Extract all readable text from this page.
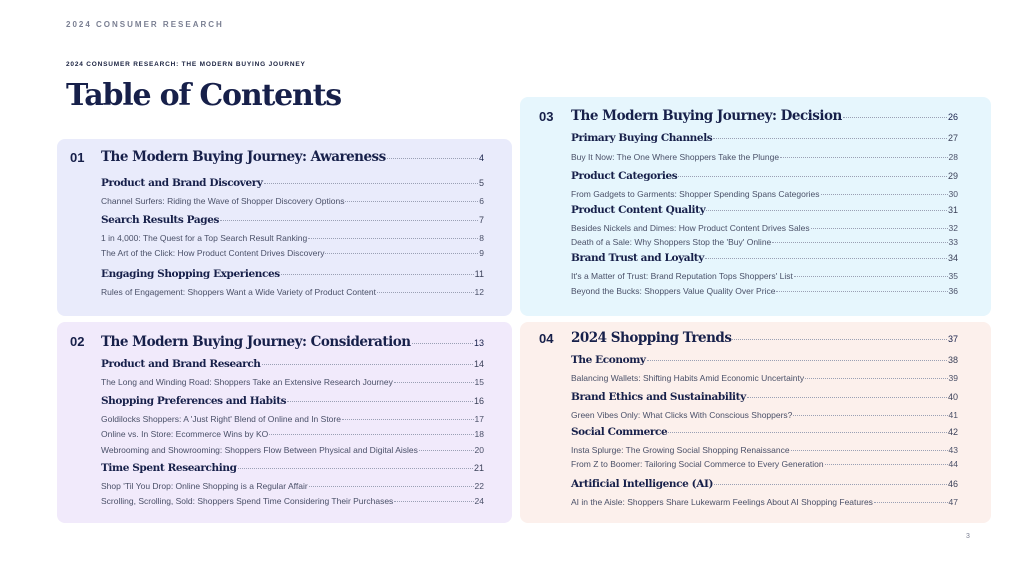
2024 CONSUMER RESEARCH
2024 CONSUMER RESEARCH: THE MODERN BUYING JOURNEY
Table of Contents
01 The Modern Buying Journey: Awareness	4
Product and Brand Discovery	5
Channel Surfers: Riding the Wave of Shopper Discovery Options	6
Search Results Pages	7
1 in 4,000: The Quest for a Top Search Result Ranking	8
The Art of the Click: How Product Content Drives Discovery	9
Engaging Shopping Experiences	11
Rules of Engagement: Shoppers Want a Wide Variety of Product Content	12
02 The Modern Buying Journey: Consideration	13
Product and Brand Research	14
The Long and Winding Road: Shoppers Take an Extensive Research Journey	15
Shopping Preferences and Habits	16
Goldilocks Shoppers: A 'Just Right' Blend of Online and In Store	17
Online vs. In Store: Ecommerce Wins by KO	18
Webrooming and Showrooming: Shoppers Flow Between Physical and Digital Aisles	20
Time Spent Researching	21
Shop 'Til You Drop: Online Shopping is a Regular Affair	22
Scrolling, Scrolling, Sold: Shoppers Spend Time Considering Their Purchases	24
03 The Modern Buying Journey: Decision	26
Primary Buying Channels	27
Buy It Now: The One Where Shoppers Take the Plunge	28
Product Categories	29
From Gadgets to Garments: Shopper Spending Spans Categories	30
Product Content Quality	31
Besides Nickels and Dimes: How Product Content Drives Sales	32
Death of a Sale: Why Shoppers Stop the 'Buy' Online	33
Brand Trust and Loyalty	34
It's a Matter of Trust: Brand Reputation Tops Shoppers' List	35
Beyond the Bucks: Shoppers Value Quality Over Price	36
04 2024 Shopping Trends	37
The Economy	38
Balancing Wallets: Shifting Habits Amid Economic Uncertainty	39
Brand Ethics and Sustainability	40
Green Vibes Only: What Clicks With Conscious Shoppers?	41
Social Commerce	42
Insta Splurge: The Growing Social Shopping Renaissance	43
From Z to Boomer: Tailoring Social Commerce to Every Generation	44
Artificial Intelligence (AI)	46
AI in the Aisle: Shoppers Share Lukewarm Feelings About AI Shopping Features	47
3
